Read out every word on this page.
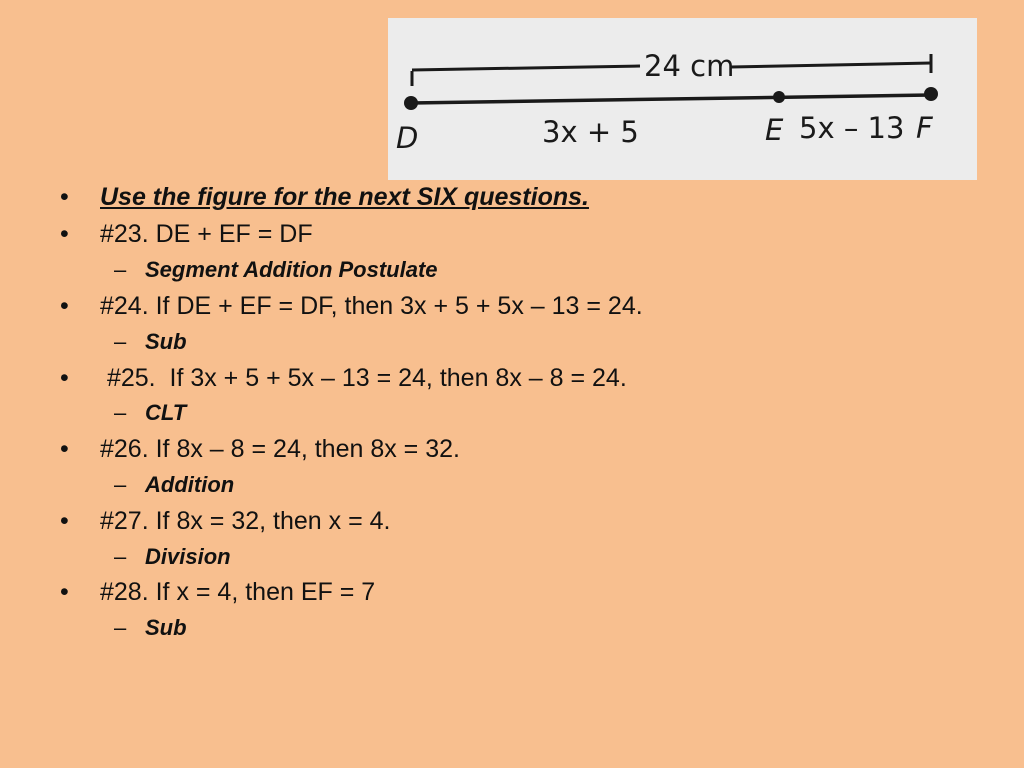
24 cm
D	3x + 5	E 5x – 13 F
•	Use the figure for the next SIX questions.
•	#23. DE + EF = DF
– Segment Addition Postulate
•	#24. If DE + EF = DF, then 3x + 5 + 5x – 13 = 24.
– Sub
•	#25.  If 3x + 5 + 5x – 13 = 24, then 8x – 8 = 24.
– CLT
•	#26. If 8x – 8 = 24, then 8x = 32.
– Addition
•	#27. If 8x = 32, then x = 4.
– Division
•	#28. If x = 4, then EF = 7
– Sub
